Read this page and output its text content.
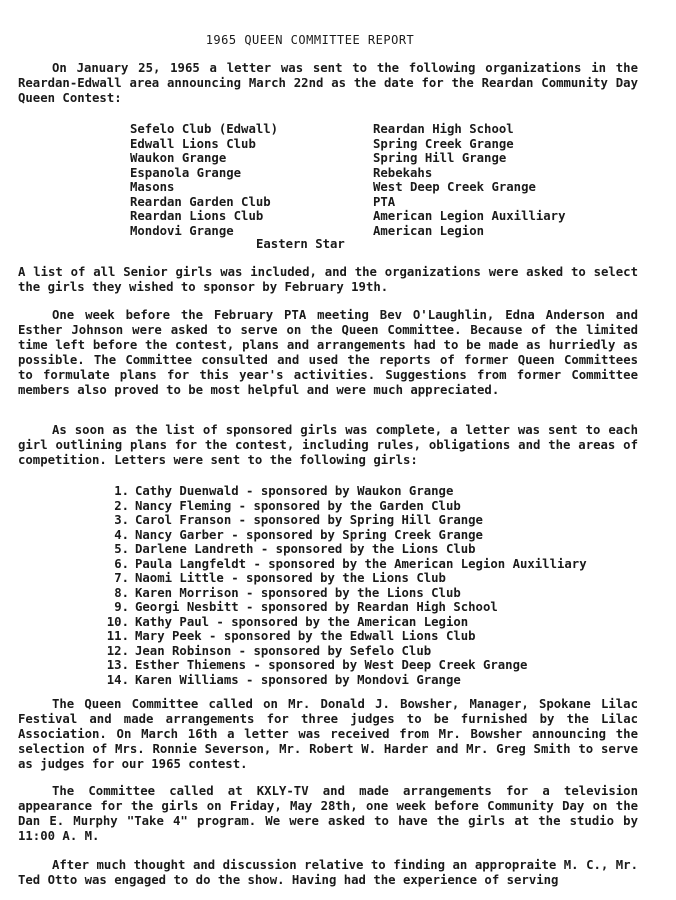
1965 QUEEN COMMITTEE REPORT

On January 25, 1965 a letter was sent to the following organizations in the Reardan-Edwall area announcing March 22nd as the date for the Reardan Community Day Queen Contest:

Sefelo Club (Edwall)
Edwall Lions Club
Waukon Grange
Espanola Grange
Masons
Reardan Garden Club
Reardan Lions Club
Mondovi Grange
Reardan High School
Spring Creek Grange
Spring Hill Grange
Rebekahs
West Deep Creek Grange
PTA
American Legion Auxilliary
American Legion
Eastern Star

A list of all Senior girls was included, and the organizations were asked to select the girls they wished to sponsor by February 19th.

One week before the February PTA meeting Bev O'Laughlin, Edna Anderson and Esther Johnson were asked to serve on the Queen Committee. Because of the limited time left before the contest, plans and arrangements had to be made as hurriedly as possible. The Committee consulted and used the reports of former Queen Committees to formulate plans for this year's activities. Suggestions from former Committee members also proved to be most helpful and were much appreciated.

As soon as the list of sponsored girls was complete, a letter was sent to each girl outlining plans for the contest, including rules, obligations and the areas of competition. Letters were sent to the following girls:

1. Cathy Duenwald - sponsored by Waukon Grange
2. Nancy Fleming - sponsored by the Garden Club
3. Carol Franson - sponsored by Spring Hill Grange
4. Nancy Garber - sponsored by Spring Creek Grange
5. Darlene Landreth - sponsored by the Lions Club
6. Paula Langfeldt - sponsored by the American Legion Auxilliary
7. Naomi Little - sponsored by the Lions Club
8. Karen Morrison - sponsored by the Lions Club
9. Georgi Nesbitt - sponsored by Reardan High School
10. Kathy Paul - sponsored by the American Legion
11. Mary Peek - sponsored by the Edwall Lions Club
12. Jean Robinson - sponsored by Sefelo Club
13. Esther Thiemens - sponsored by West Deep Creek Grange
14. Karen Williams - sponsored by Mondovi Grange

The Queen Committee called on Mr. Donald J. Bowsher, Manager, Spokane Lilac Festival and made arrangements for three judges to be furnished by the Lilac Association. On March 16th a letter was received from Mr. Bowsher announcing the selection of Mrs. Ronnie Severson, Mr. Robert W. Harder and Mr. Greg Smith to serve as judges for our 1965 contest.

The Committee called at KXLY-TV and made arrangements for a television appearance for the girls on Friday, May 28th, one week before Community Day on the Dan E. Murphy "Take 4" program. We were asked to have the girls at the studio by 11:00 A. M.

After much thought and discussion relative to finding an appropraite M. C., Mr. Ted Otto was engaged to do the show. Having had the experience of serving
